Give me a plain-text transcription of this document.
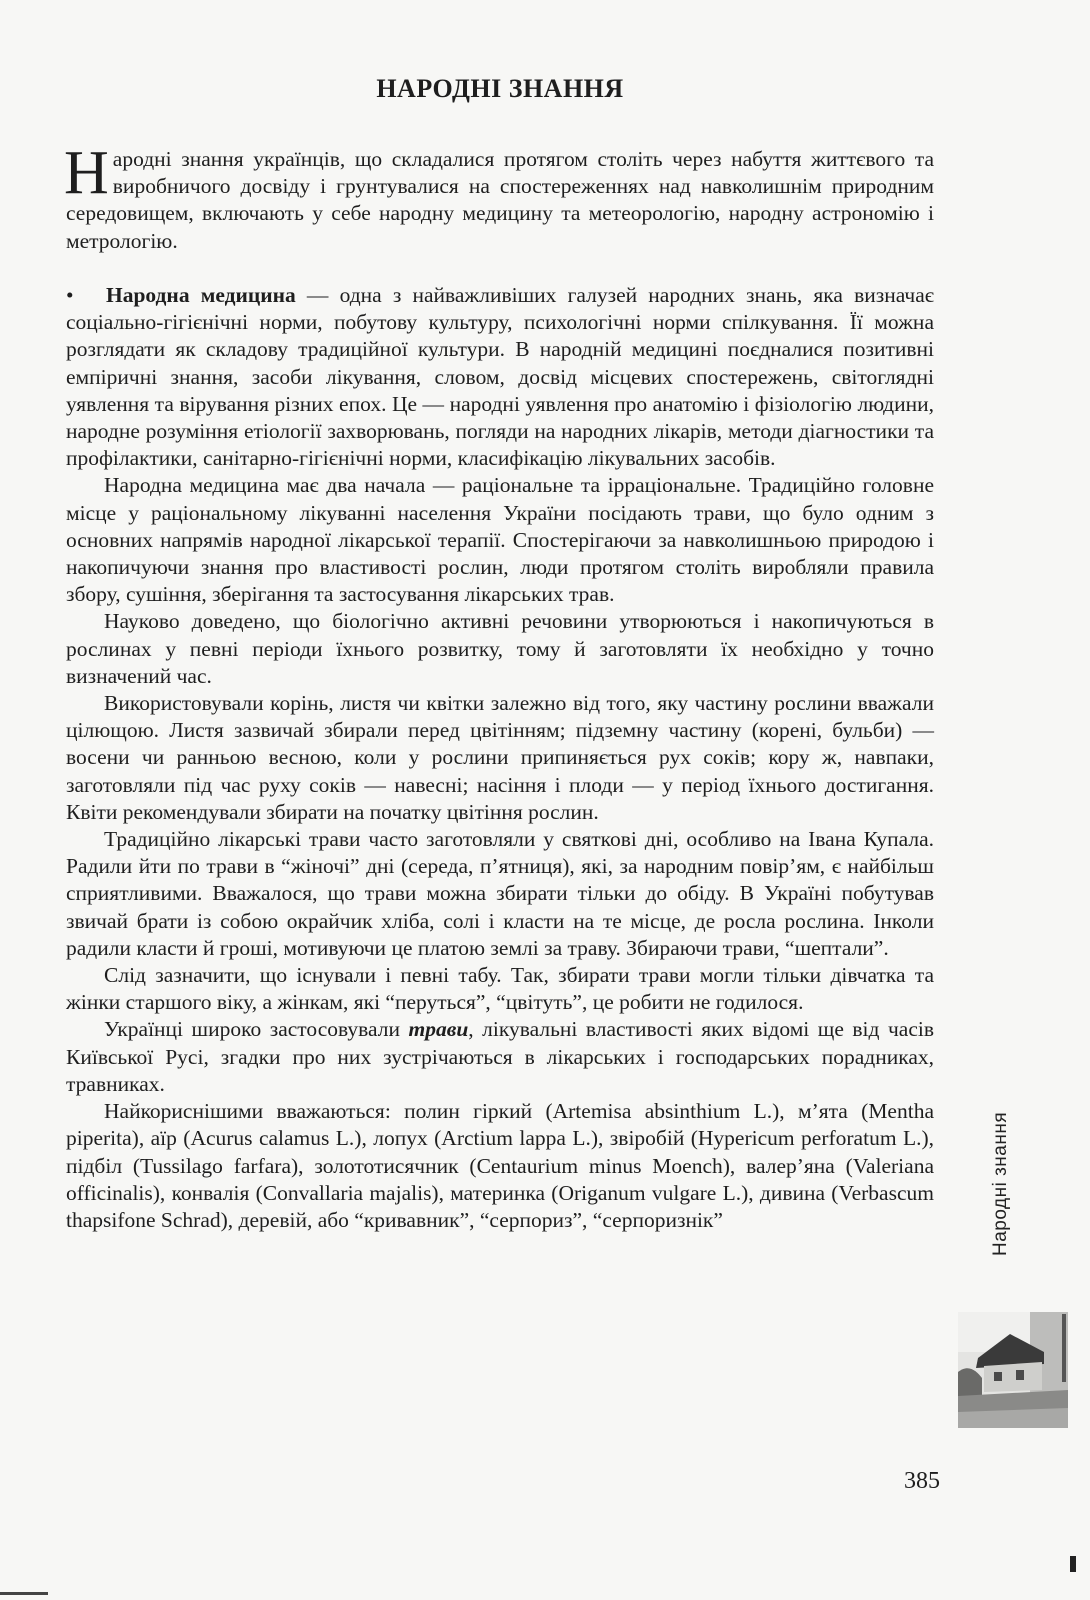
НАРОДНІ ЗНАННЯ
Народні знання українців, що складалися протягом століть через набуття життєвого та виробничого досвіду і грунтувалися на спостереженнях над навколишнім природним середовищем, включають у себе народну медицину та метеорологію, народну астрономію і метрологію.

• Народна медицина — одна з найважливіших галузей народних знань, яка визначає соціально-гігієнічні норми, побутову культуру, психологічні норми спілкування. Її можна розглядати як складову традиційної культури. В народній медицині поєдналися позитивні емпіричні знання, засоби лікування, словом, досвід місцевих спостережень, світоглядні уявлення та вірування різних епох. Це — народні уявлення про анатомію і фізіологію людини, народне розуміння етіології захворювань, погляди на народних лікарів, методи діагностики та профілактики, санітарно-гігієнічні норми, класифікацію лікувальних засобів.

Народна медицина має два начала — раціональне та ірраціональне. Традиційно головне місце у раціональному лікуванні населення України посідають трави, що було одним з основних напрямів народної лікарської терапії. Спостерігаючи за навколишньою природою і накопичуючи знання про властивості рослин, люди протягом століть виробляли правила збору, сушіння, зберігання та застосування лікарських трав.

Науково доведено, що біологічно активні речовини утворюються і накопичуються в рослинах у певні періоди їхнього розвитку, тому й заготовляти їх необхідно у точно визначений час.

Використовували корінь, листя чи квітки залежно від того, яку частину рослини вважали цілющою. Листя зазвичай збирали перед цвітінням; підземну частину (корені, бульби) — восени чи ранньою весною, коли у рослини припиняється рух соків; кору ж, навпаки, заготовляли під час руху соків — навесні; насіння і плоди — у період їхнього достигання. Квіти рекомендували збирати на початку цвітіння рослин.

Традиційно лікарські трави часто заготовляли у святкові дні, особливо на Івана Купала. Радили йти по трави в “жіночі” дні (середа, п’ятниця), які, за народним повір’ям, є найбільш сприятливими. Вважалося, що трави можна збирати тільки до обіду. В Україні побутував звичай брати із собою окрайчик хліба, солі і класти на те місце, де росла рослина. Інколи радили класти й гроші, мотивуючи це платою землі за траву. Збираючи трави, “шептали”.

Слід зазначити, що існували і певні табу. Так, збирати трави могли тільки дівчатка та жінки старшого віку, а жінкам, які “перуться”, “цвітуть”, це робити не годилося.

Українці широко застосовували трави, лікувальні властивості яких відомі ще від часів Київської Русі, згадки про них зустрічаються в лікарських і господарських порадниках, травниках.

Найкориснішими вважаються: полин гіркий (Artemisa absinthium L.), м’ята (Mentha piperita), аїр (Acurus calamus L.), лопух (Arctium lappa L.), звіробій (Hypericum perforatum L.), підбіл (Tussilago farfara), золототисячник (Centaurium minus Moench), валер’яна (Valeriana officinalis), конвалія (Convallaria majalis), материнка (Origanum vulgare L.), дивина (Verbascum thapsifone Schrad), деревій, або “кривавник”, “серпориз”, “серпоризнік”	Народні знання
385
